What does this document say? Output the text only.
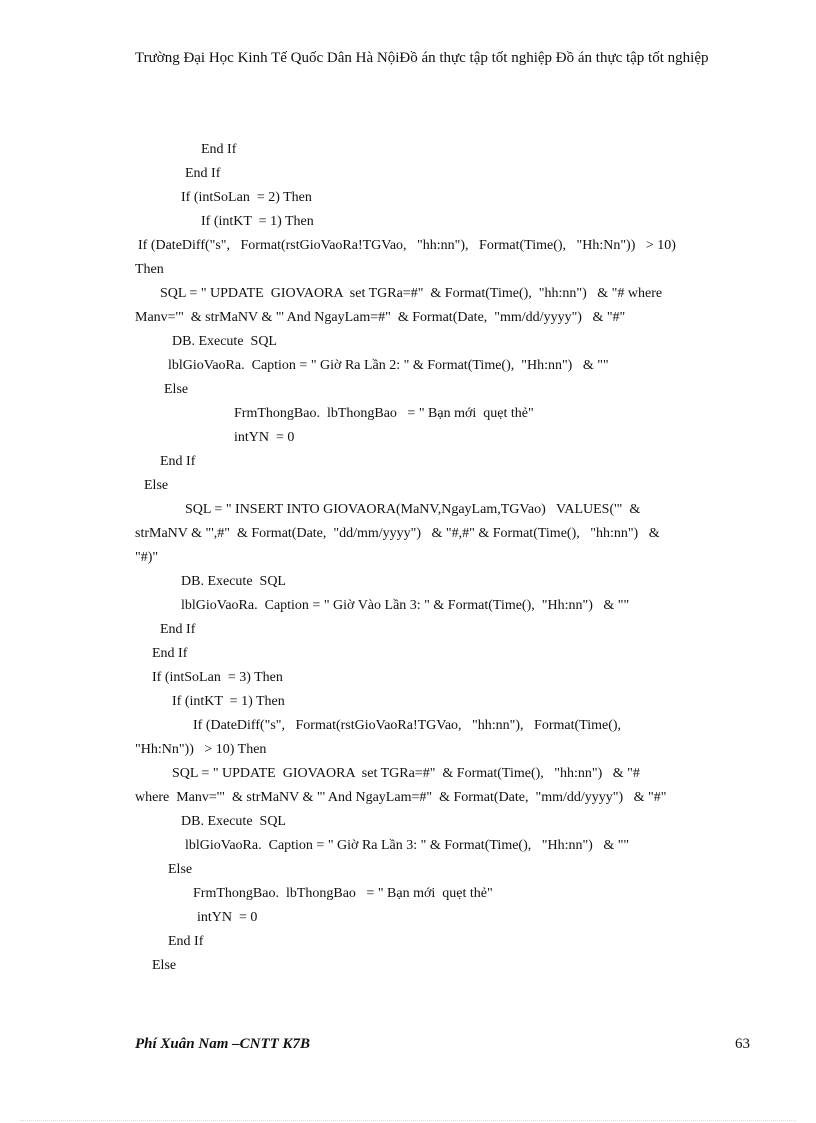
Trường Đại Học Kinh Tế Quốc Dân Hà NộiĐồ án thực tập tốt nghiệp Đồ án thực tập tốt nghiệp
End If
End If
If (intSoLan  = 2) Then
If (intKT  = 1) Then
If (DateDiff("s",   Format(rstGioVaoRa!TGVao,   "hh:nn"),   Format(Time(),   "Hh:Nn"))   > 10)
Then
SQL = " UPDATE  GIOVAORA  set TGRa=#"  & Format(Time(),  "hh:nn")   & "# where
Manv='"  & strMaNV & "' And NgayLam=#"  & Format(Date,  "mm/dd/yyyy")   & "#"
DB. Execute  SQL
lblGioVaoRa.  Caption = " Giờ Ra Lần 2: " & Format(Time(),  "Hh:nn")   & ""
Else
FrmThongBao.  lbThongBao   = " Bạn mới  quẹt thẻ"
intYN  = 0
End If
Else
SQL = " INSERT INTO GIOVAORA(MaNV,NgayLam,TGVao)   VALUES('"  &
strMaNV & "',#"  & Format(Date,  "dd/mm/yyyy")   & "#,#" & Format(Time(),   "hh:nn")   &
"#)"
DB. Execute  SQL
lblGioVaoRa.  Caption = " Giờ Vào Lần 3: " & Format(Time(),  "Hh:nn")   & ""
End If
End If
If (intSoLan  = 3) Then
If (intKT  = 1) Then
If (DateDiff("s",   Format(rstGioVaoRa!TGVao,   "hh:nn"),   Format(Time(),
"Hh:Nn"))   > 10) Then
SQL = " UPDATE  GIOVAORA  set TGRa=#"  & Format(Time(),   "hh:nn")   & "#
where  Manv='"  & strMaNV & "' And NgayLam=#"  & Format(Date,  "mm/dd/yyyy")   & "#"
DB. Execute  SQL
lblGioVaoRa.  Caption = " Giờ Ra Lần 3: " & Format(Time(),   "Hh:nn")   & ""
Else
FrmThongBao.  lbThongBao   = " Bạn mới  quẹt thẻ"
intYN  = 0
End If
Else
Phí Xuân Nam –CNTT K7B	63
